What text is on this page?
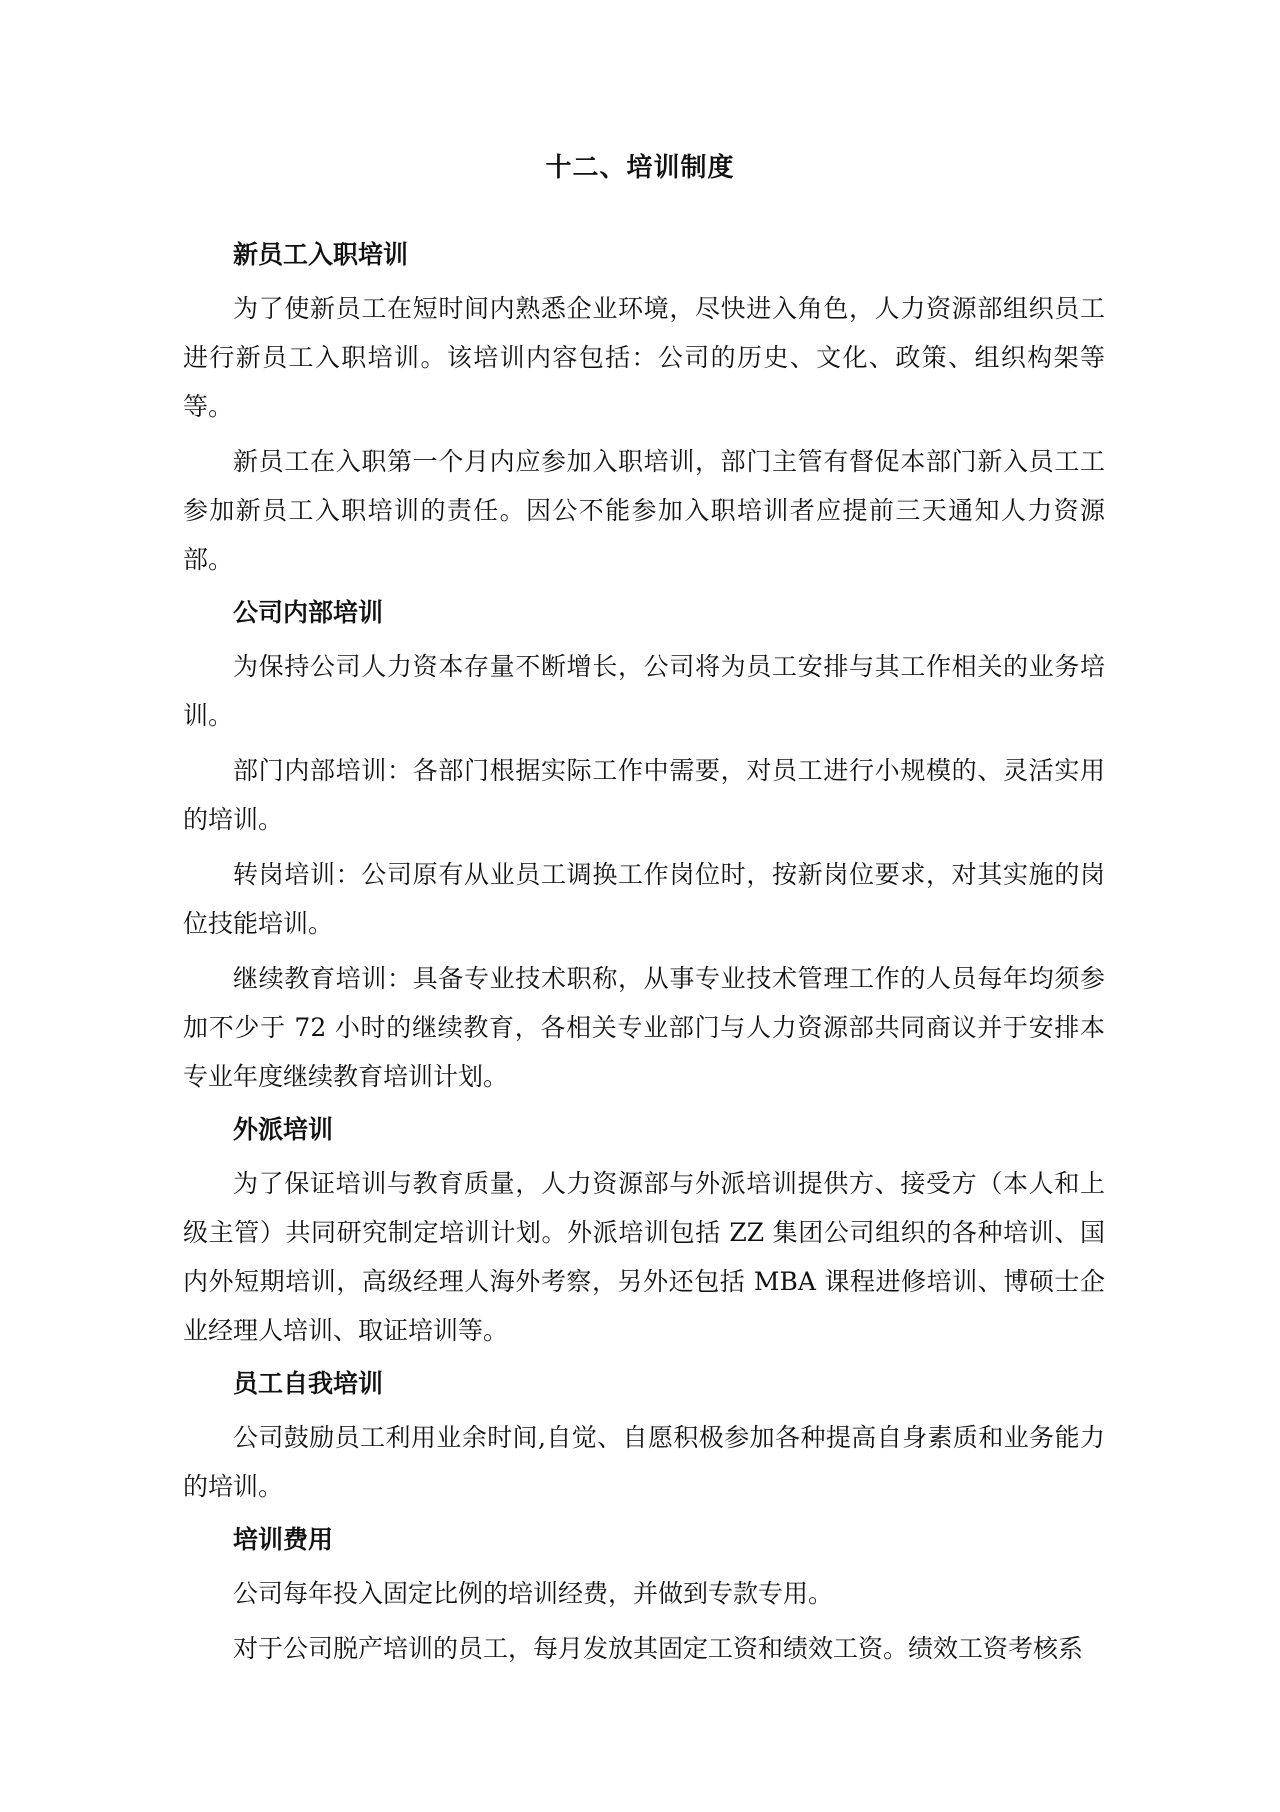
十二、培训制度
新员工入职培训

为了使新员工在短时间内熟悉企业环境，尽快进入角色，人力资源部组织员工进行新员工入职培训。该培训内容包括：公司的历史、文化、政策、组织构架等等。

新员工在入职第一个月内应参加入职培训，部门主管有督促本部门新入员工工参加新员工入职培训的责任。因公不能参加入职培训者应提前三天通知人力资源部。

公司内部培训

为保持公司人力资本存量不断增长，公司将为员工安排与其工作相关的业务培训。

部门内部培训：各部门根据实际工作中需要，对员工进行小规模的、灵活实用的培训。

转岗培训：公司原有从业员工调换工作岗位时，按新岗位要求，对其实施的岗位技能培训。

继续教育培训：具备专业技术职称，从事专业技术管理工作的人员每年均须参加不少于 72 小时的继续教育，各相关专业部门与人力资源部共同商议并于安排本专业年度继续教育培训计划。

外派培训

为了保证培训与教育质量，人力资源部与外派培训提供方、接受方（本人和上级主管）共同研究制定培训计划。外派培训包括 ZZ 集团公司组织的各种培训、国内外短期培训，高级经理人海外考察，另外还包括 MBA 课程进修培训、博硕士企业经理人培训、取证培训等。

员工自我培训

公司鼓励员工利用业余时间,自觉、自愿积极参加各种提高自身素质和业务能力的培训。

培训费用

公司每年投入固定比例的培训经费，并做到专款专用。

对于公司脱产培训的员工，每月发放其固定工资和绩效工资。绩效工资考核系
